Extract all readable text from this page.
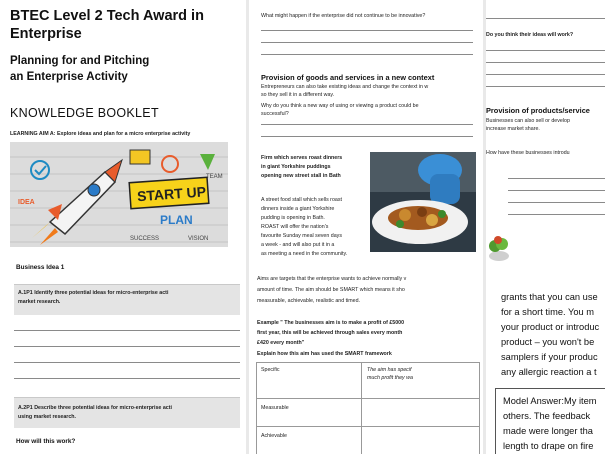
BTEC Level 2 Tech Award in
Enterprise
Planning for and Pitching
an Enterprise Activity
KNOWLEDGE BOOKLET
LEARNING AIM A: Explore ideas and plan for a micro enterprise activity
START UP
PLAN
IDEA
SUCCESS	VISION
TEAM
Business Idea 1
A.1P1 Identify three potential ideas for micro-enterprise acti
market research.
A.2P1 Describe three potential ideas for micro-enterprise acti
using market research.
How will this work?
What might happen if the enterprise did not continue to be innovative?
Provision of goods and services in a new context
Entrepreneurs can also take existing ideas and change the context in w
so they sell it in a different way.
Why do you think a new way of using or viewing a product could be
successful?
Firm which serves roast dinners
in giant Yorkshire puddings
opening new street stall in Bath
A street food stall which sells roast
dinners inside a giant Yorkshire
pudding is opening in Bath.
ROAST will offer the nation's
favourite Sunday meal seven days
a week - and will also put it in a
as meeting a need in the community.
Aims are targets that the enterprise wants to achieve normally v
amount of time. The aim should be SMART which means it sho
measurable, achievable, realistic and timed.
Example " The businesses aim is to make a profit of £5000
first year, this will be achieved through sales every month
£420 every month"
Explain how this aim has used the SMART framework
Specific
Measurable
Achievable
The aim has specif
much profit they wa
Do you think their ideas will work?
Provision of products/service
Businesses can also sell or develop
increase market share.
How have these businesses introdu
grants that you can use
for a short time. You m
your product or introduc
product – you won't be
samplers if your produc
any allergic reaction a t
Model Answer:My item
others. The feedback
made were longer tha
length to drape on fire
